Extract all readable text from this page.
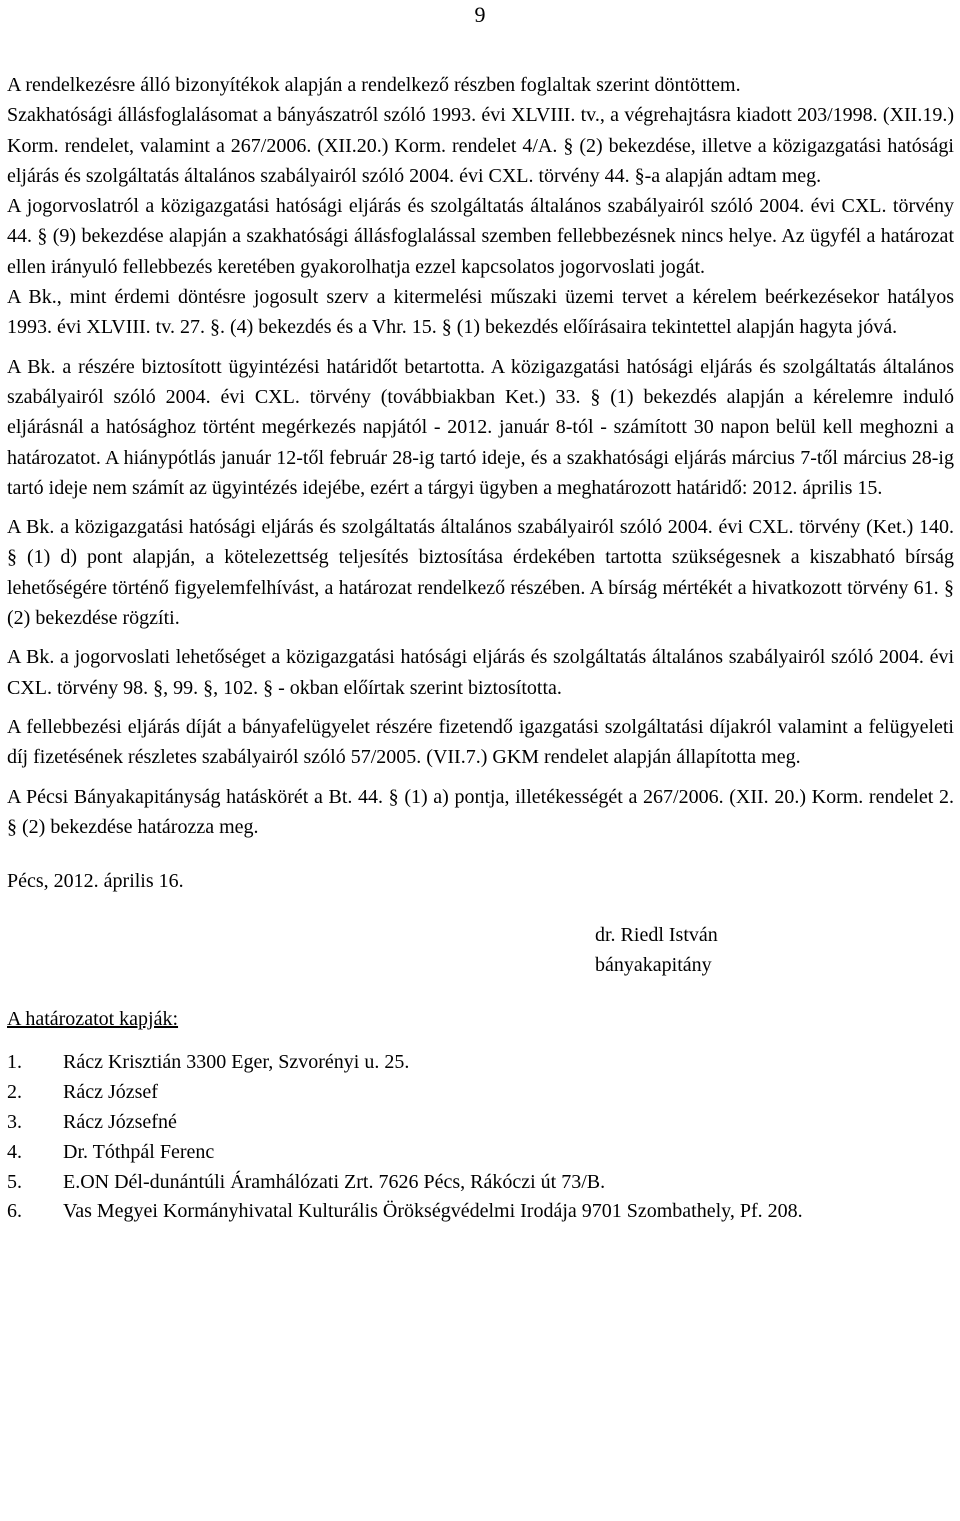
9

A rendelkezésre álló bizonyítékok alapján a rendelkező részben foglaltak szerint döntöttem.

Szakhatósági állásfoglalásomat a bányászatról szóló 1993. évi XLVIII. tv., a végrehajtásra kiadott 203/1998. (XII.19.) Korm. rendelet, valamint a 267/2006. (XII.20.) Korm. rendelet 4/A. § (2) bekezdése, illetve a közigazgatási hatósági eljárás és szolgáltatás általános szabályairól szóló 2004. évi CXL. törvény 44. §-a alapján adtam meg.

A jogorvoslatról a közigazgatási hatósági eljárás és szolgáltatás általános szabályairól szóló 2004. évi CXL. törvény 44. § (9) bekezdése alapján a szakhatósági állásfoglalással szemben fellebbezésnek nincs helye. Az ügyfél a határozat ellen irányuló fellebbezés keretében gyakorolhatja ezzel kapcsolatos jogorvoslati jogát.

A Bk., mint érdemi döntésre jogosult szerv a kitermelési műszaki üzemi tervet a kérelem beérkezésekor hatályos 1993. évi XLVIII. tv. 27. §. (4) bekezdés és a Vhr. 15. § (1) bekezdés előírásaira tekintettel alapján hagyta jóvá.

A Bk. a részére biztosított ügyintézési határidőt betartotta. A közigazgatási hatósági eljárás és szolgáltatás általános szabályairól szóló 2004. évi CXL. törvény (továbbiakban Ket.) 33. § (1) bekezdés alapján a kérelemre induló eljárásnál a hatósághoz történt megérkezés napjától - 2012. január 8-tól - számított 30 napon belül kell meghozni a határozatot. A hiánypótlás január 12-től február 28-ig tartó ideje, és a szakhatósági eljárás március 7-től március 28-ig tartó ideje nem számít az ügyintézés idejébe, ezért a tárgyi ügyben a meghatározott határidő: 2012. április 15.
A Bk. a közigazgatási hatósági eljárás és szolgáltatás általános szabályairól szóló 2004. évi CXL. törvény (Ket.) 140. § (1) d) pont alapján, a kötelezettség teljesítés biztosítása érdekében tartotta szükségesnek a kiszabható bírság lehetőségére történő figyelemfelhívást, a határozat rendelkező részében. A bírság mértékét a hivatkozott törvény 61. § (2) bekezdése rögzíti.
A Bk. a jogorvoslati lehetőséget a közigazgatási hatósági eljárás és szolgáltatás általános szabályairól szóló 2004. évi CXL. törvény 98. §, 99. §, 102. § - okban előírtak szerint biztosította.
A fellebbezési eljárás díját a bányafelügyelet részére fizetendő igazgatási szolgáltatási díjakról valamint a felügyeleti díj fizetésének részletes szabályairól szóló 57/2005. (VII.7.) GKM rendelet alapján állapította meg.
A Pécsi Bányakapitányság hatáskörét a Bt. 44. § (1) a) pontja, illetékességét a 267/2006. (XII. 20.) Korm. rendelet 2. § (2) bekezdése határozza meg.
Pécs, 2012. április 16.
dr. Riedl István
bányakapitány
A határozatot kapják:
1.	Rácz Krisztián 3300 Eger, Szvorényi u. 25.
2.	Rácz József
3.	Rácz Józsefné
4.	Dr. Tóthpál Ferenc
5.	E.ON Dél-dunántúli Áramhálózati Zrt. 7626 Pécs, Rákóczi út 73/B.
6.	Vas Megyei Kormányhivatal Kulturális Örökségvédelmi Irodája 9701 Szombathely, Pf. 208.
